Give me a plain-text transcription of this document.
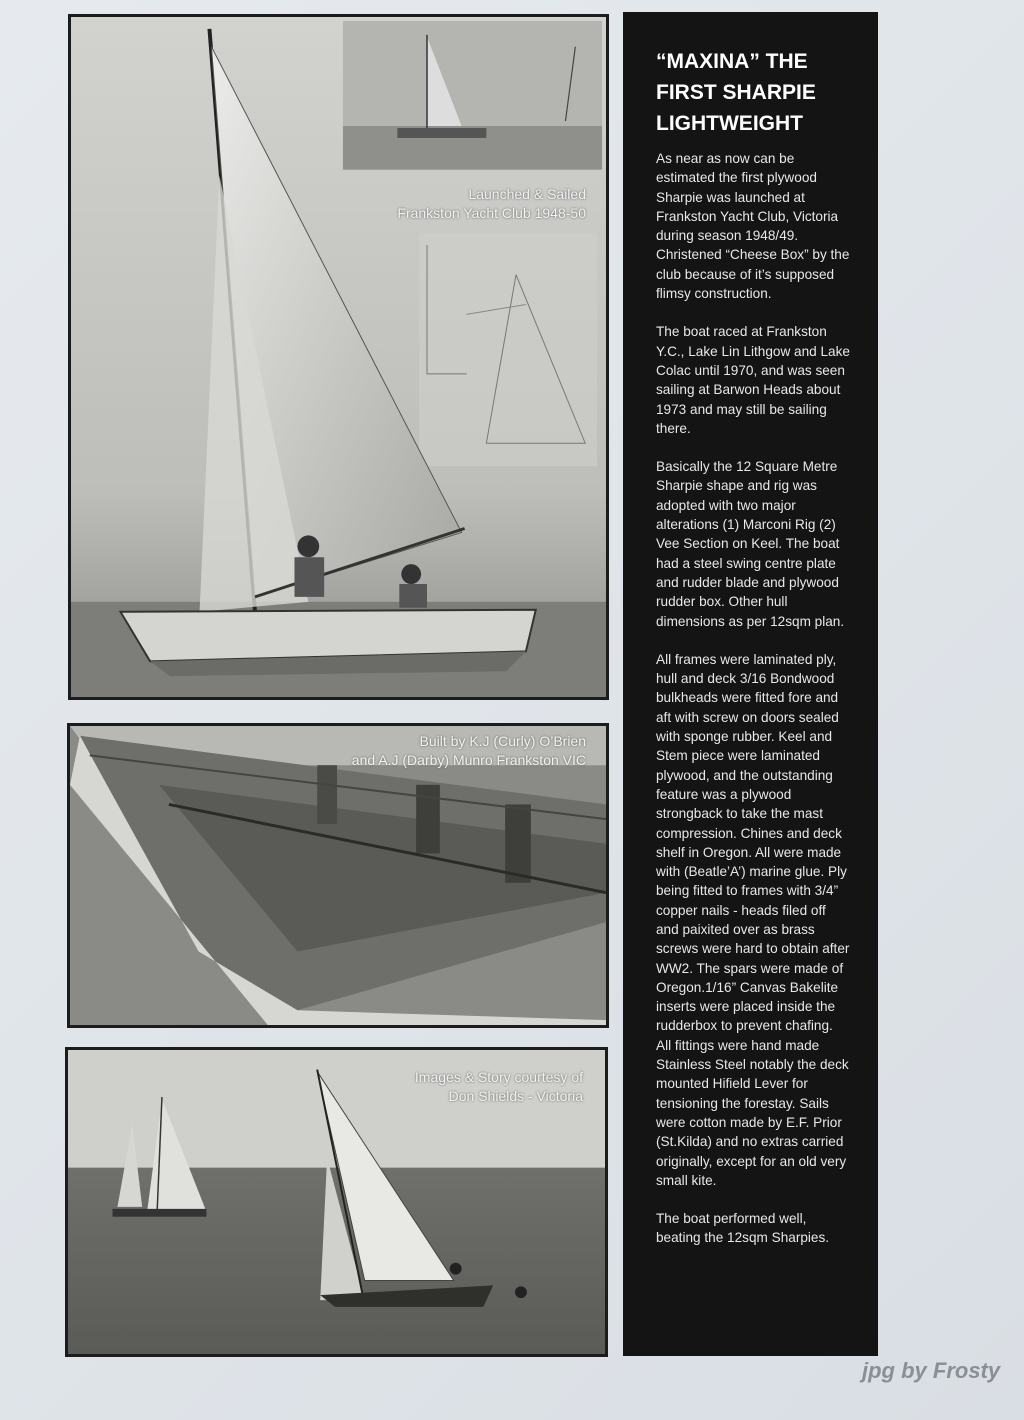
Launched & Sailed
Frankston Yacht Club 1948-50
Built by K.J (Curly) O’Brien
and A.J (Darby) Munro Frankston VIC
Images & Story courtesy of
Don Shields - Victoria
“MAXINA” THE
FIRST SHARPIE
LIGHTWEIGHT

As near as now can be estimated the first plywood Sharpie was launched at Frankston Yacht Club, Victoria during season 1948/49. Christened “Cheese Box” by the club because of it’s supposed flimsy construction.

The boat raced at Frankston Y.C., Lake Lin Lithgow and Lake Colac until 1970, and was seen sailing at Barwon Heads about 1973 and may still be sailing there.

Basically the 12 Square Metre Sharpie shape and rig was adopted with two major alterations (1) Marconi Rig (2) Vee Section on Keel. The boat had a steel swing centre plate and rudder blade and plywood rudder box. Other hull dimensions as per 12sqm plan.

All frames were laminated ply, hull and deck 3/16 Bondwood bulkheads were fitted fore and aft with screw on doors sealed with sponge rubber. Keel and Stem piece were laminated plywood, and the outstanding feature was a plywood strongback to take the mast compression. Chines and deck shelf in Oregon. All were made with (Beatle’A’) marine glue. Ply being fitted to frames with 3/4” copper nails - heads filed off and paixited over as brass screws were hard to obtain after WW2. The spars were made of Oregon.1/16” Canvas Bakelite inserts were placed inside the rudderbox to prevent chafing. All fittings were hand made Stainless Steel notably the deck mounted Hifield Lever for tensioning the forestay. Sails were cotton made by E.F. Prior (St.Kilda) and no extras carried originally, except for an old very small kite.

The boat performed well, beating the 12sqm Sharpies.

jpg by Frosty
